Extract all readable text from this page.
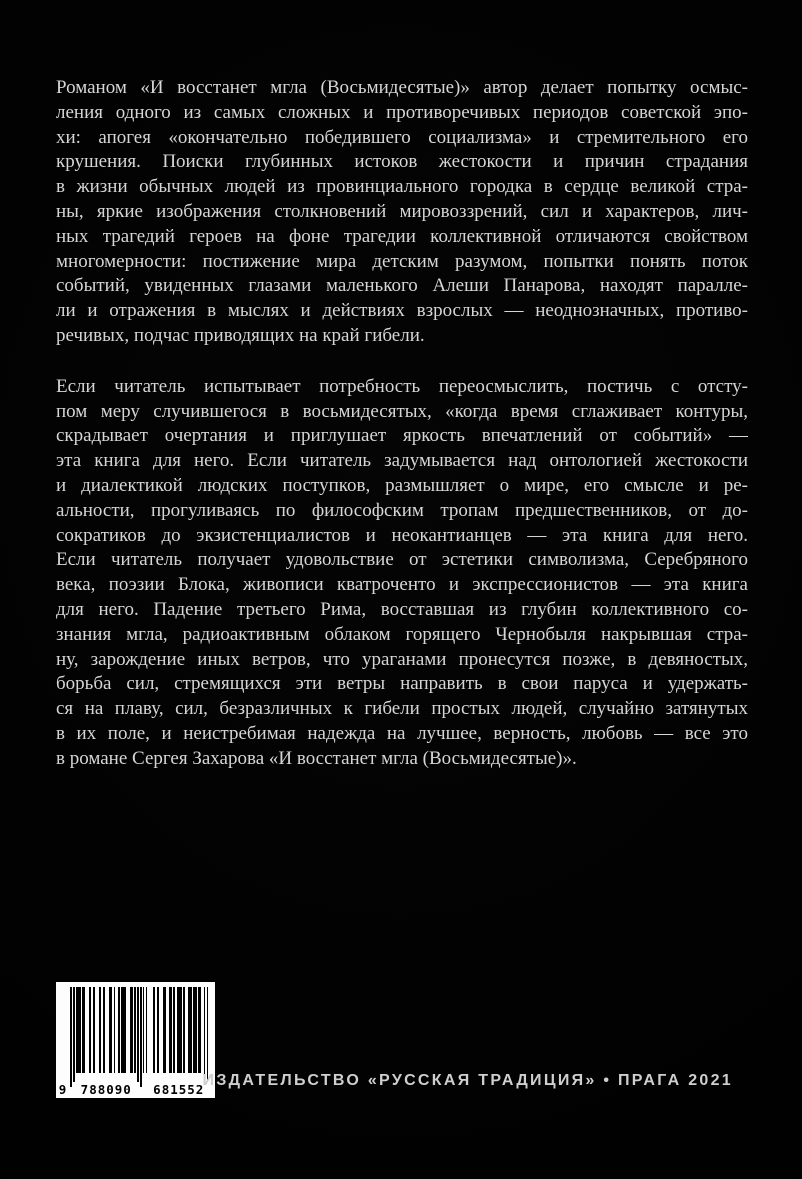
Романом «И восстанет мгла (Восьмидесятые)» автор делает попытку осмыс-
ления одного из самых сложных и противоречивых периодов советской эпо-
хи: апогея «окончательно победившего социализма» и стремительного его
крушения. Поиски глубинных истоков жестокости и причин страдания
в жизни обычных людей из провинциального городка в сердце великой стра-
ны, яркие изображения столкновений мировоззрений, сил и характеров, лич-
ных трагедий героев на фоне трагедии коллективной отличаются свойством
многомерности: постижение мира детским разумом, попытки понять поток
событий, увиденных глазами маленького Алеши Панарова, находят паралле-
ли и отражения в мыслях и действиях взрослых — неоднозначных, противо-
речивых, подчас приводящих на край гибели.
Если читатель испытывает потребность переосмыслить, постичь с отсту-
пом меру случившегося в восьмидесятых, «когда время сглаживает контуры,
скрадывает очертания и приглушает яркость впечатлений от событий» —
эта книга для него. Если читатель задумывается над онтологией жестокости
и диалектикой людских поступков, размышляет о мире, его смысле и ре-
альности, прогуливаясь по философским тропам предшественников, от до-
сократиков до экзистенциалистов и неокантианцев — эта книга для него.
Если читатель получает удовольствие от эстетики символизма, Серебряного
века, поэзии Блока, живописи кватроченто и экспрессионистов — эта книга
для него. Падение третьего Рима, восставшая из глубин коллективного со-
знания мгла, радиоактивным облаком горящего Чернобыля накрывшая стра-
ну, зарождение иных ветров, что ураганами пронесутся позже, в девяностых,
борьба сил, стремящихся эти ветры направить в свои паруса и удержать-
ся на плаву, сил, безразличных к гибели простых людей, случайно затянутых
в их поле, и неистребимая надежда на лучшее, верность, любовь — все это
в романе Сергея Захарова «И восстанет мгла (Восьмидесятые)».
9	788090	681552
ИЗДАТЕЛЬСТВО «РУССКАЯ ТРАДИЦИЯ» • ПРАГА 2021
